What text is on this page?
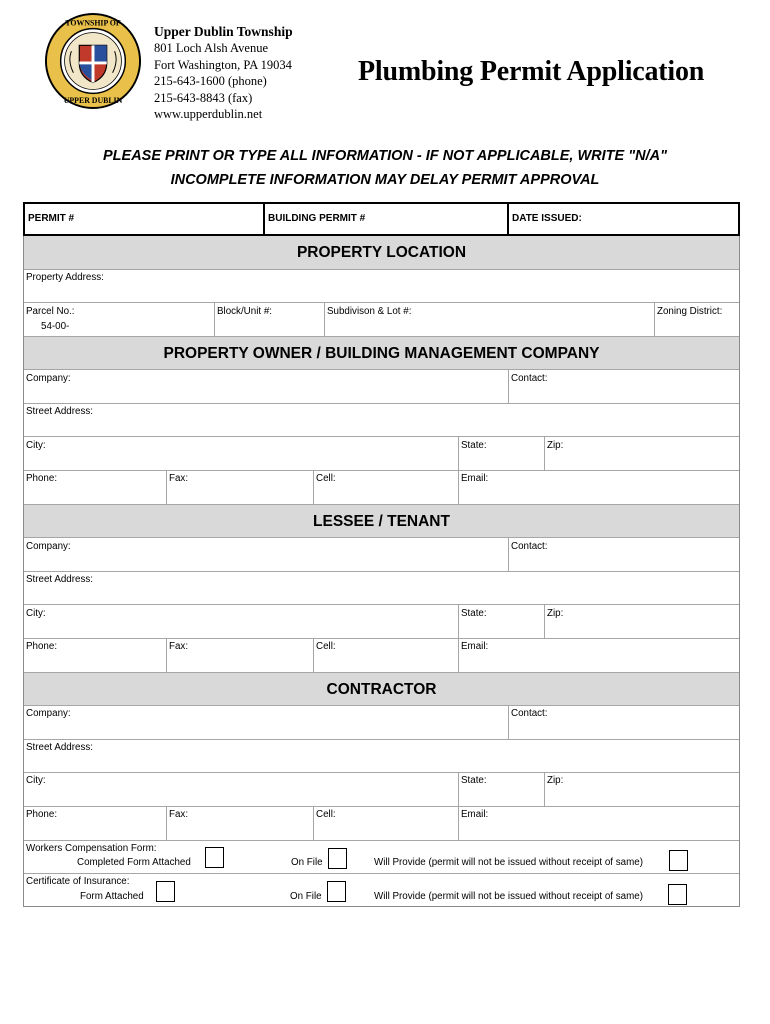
TOWNSHIP OF
UPPER DUBLIN
Upper Dublin Township
801 Loch Alsh Avenue
Fort Washington, PA 19034
215-643-1600 (phone)
215-643-8843 (fax)
www.upperdublin.net
Plumbing Permit Application
PLEASE PRINT OR TYPE ALL INFORMATION - IF NOT APPLICABLE, WRITE "N/A"
INCOMPLETE INFORMATION MAY DELAY PERMIT APPROVAL
PERMIT #	BUILDING PERMIT #	DATE ISSUED:
PROPERTY LOCATION
Property Address:
Parcel No.:
54-00-
Block/Unit #:	Subdivison & Lot #:	Zoning District:
PROPERTY OWNER / BUILDING MANAGEMENT COMPANY
Company:	Contact:
Street Address:
City:	State:	Zip:
Phone:	Fax:	Cell:	Email:
LESSEE / TENANT
Company:	Contact:
Street Address:
City:	State:	Zip:
Phone:	Fax:	Cell:	Email:
CONTRACTOR
Company:	Contact:
Street Address:
City:	State:	Zip:
Phone:	Fax:	Cell:	Email:
Workers Compensation Form:
Completed Form Attached	On File	Will Provide (permit will not be issued without receipt of same)
Certificate of Insurance:
Form Attached	On File	Will Provide (permit will not be issued without receipt of same)
